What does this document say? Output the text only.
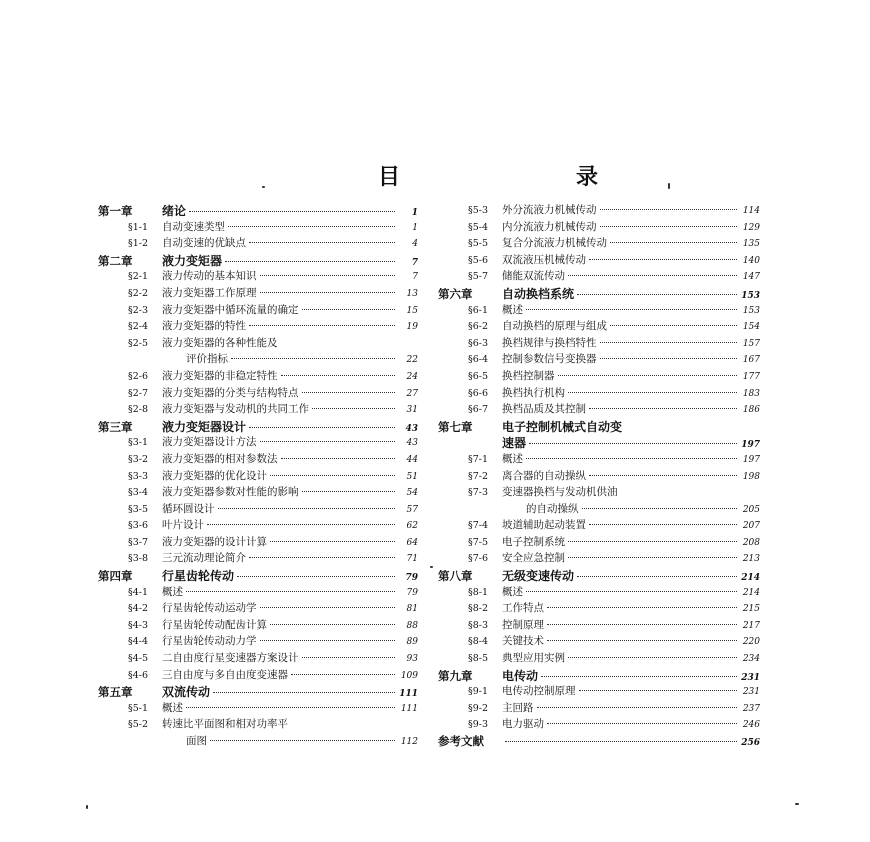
目　　录
第一章	绪论	1
§1-1	自动变速类型	1
§1-2	自动变速的优缺点	4
第二章	液力变矩器	7
§2-1	液力传动的基本知识	7
§2-2	液力变矩器工作原理	13
§2-3	液力变矩器中循环流量的确定	15
§2-4	液力变矩器的特性	19
§2-5	液力变矩器的各种性能及
评价指标	22
§2-6	液力变矩器的非稳定特性	24
§2-7	液力变矩器的分类与结构特点	27
§2-8	液力变矩器与发动机的共同工作	31
第三章	液力变矩器设计	43
§3-1	液力变矩器设计方法	43
§3-2	液力变矩器的相对参数法	44
§3-3	液力变矩器的优化设计	51
§3-4	液力变矩器参数对性能的影响	54
§3-5	循环圆设计	57
§3-6	叶片设计	62
§3-7	液力变矩器的设计计算	64
§3-8	三元流动理论简介	71
第四章	行星齿轮传动	79
§4-1	概述	79
§4-2	行星齿轮传动运动学	81
§4-3	行星齿轮传动配齿计算	88
§4-4	行星齿轮传动动力学	89
§4-5	二自由度行星变速器方案设计	93
§4-6	三自由度与多自由度变速器	109
第五章	双流传动	111
§5-1	概述	111
§5-2	转速比平面图和相对功率平
面图	112
§5-3	外分流液力机械传动	114
§5-4	内分流液力机械传动	129
§5-5	复合分流液力机械传动	135
§5-6	双流液压机械传动	140
§5-7	储能双流传动	147
第六章	自动换档系统	153
§6-1	概述	153
§6-2	自动换档的原理与组成	154
§6-3	换档规律与换档特性	157
§6-4	控制参数信号变换器	167
§6-5	换档控制器	177
§6-6	换档执行机构	183
§6-7	换档品质及其控制	186
第七章	电子控制机械式自动变
速器	197
§7-1	概述	197
§7-2	离合器的自动操纵	198
§7-3	变速器换档与发动机供油
的自动操纵	205
§7-4	坡道辅助起动装置	207
§7-5	电子控制系统	208
§7-6	安全应急控制	213
第八章	无级变速传动	214
§8-1	概述	214
§8-2	工作特点	215
§8-3	控制原理	217
§8-4	关键技术	220
§8-5	典型应用实例	234
第九章	电传动	231
§9-1	电传动控制原理	231
§9-2	主回路	237
§9-3	电力驱动	246
参考文献	256
